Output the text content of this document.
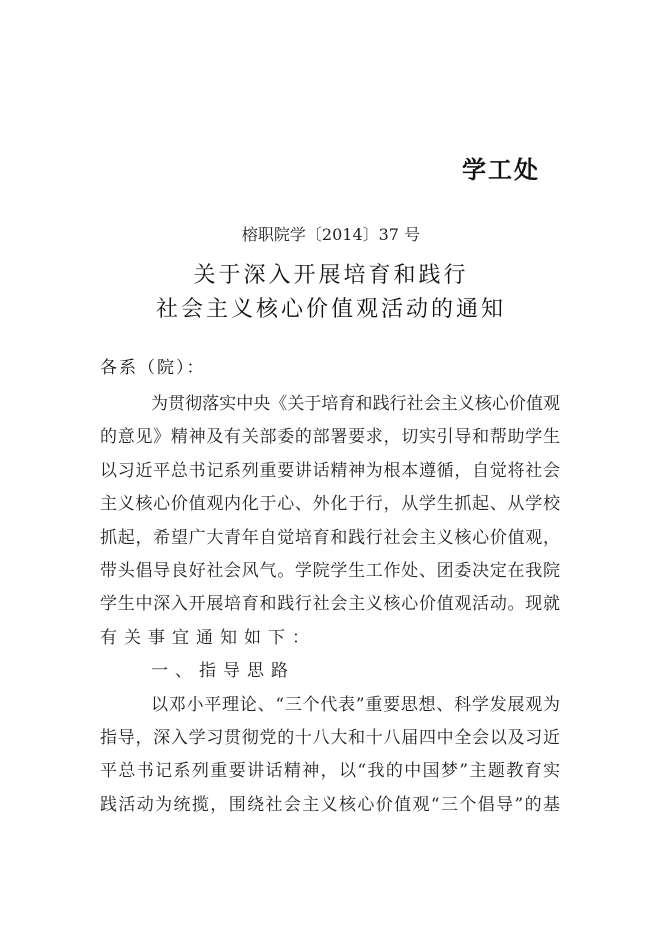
学工处
榕职院学〔2014〕37 号
关于深入开展培育和践行
社会主义核心价值观活动的通知
各系（院）：
为贯彻落实中央《关于培育和践行社会主义核心价值观
的意见》精神及有关部委的部署要求，切实引导和帮助学生
以习近平总书记系列重要讲话精神为根本遵循，自觉将社会
主义核心价值观内化于心、外化于行，从学生抓起、从学校
抓起，希望广大青年自觉培育和践行社会主义核心价值观，
带头倡导良好社会风气。学院学生工作处、团委决定在我院
学生中深入开展培育和践行社会主义核心价值观活动。现就
有关事宜通知如下：
一、指导思路
以邓小平理论、“三个代表”重要思想、科学发展观为
指导，深入学习贯彻党的十八大和十八届四中全会以及习近
平总书记系列重要讲话精神，以“我的中国梦”主题教育实
践活动为统揽，围绕社会主义核心价值观“三个倡导”的基
